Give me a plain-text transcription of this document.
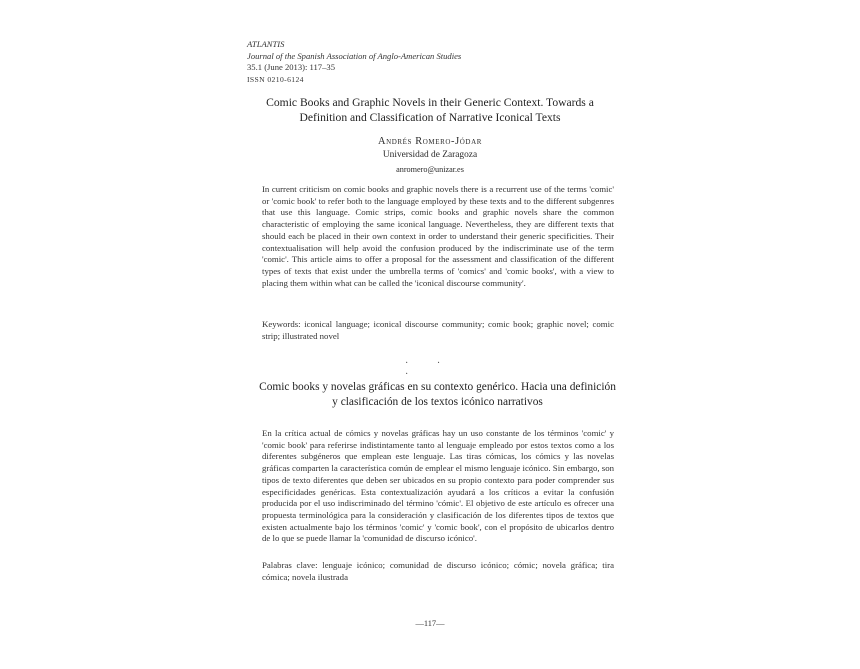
ATLANTIS
Journal of the Spanish Association of Anglo-American Studies
35.1 (June 2013): 117–35
ISSN 0210-6124
Comic Books and Graphic Novels in their Generic Context. Towards a
Definition and Classification of Narrative Iconical Texts
Andrés Romero-Jódar
Universidad de Zaragoza
anromero@unizar.es

In current criticism on comic books and graphic novels there is a recurrent use of the terms 'comic' or 'comic book' to refer both to the language employed by these texts and to the different subgenres that use this language. Comic strips, comic books and graphic novels share the common characteristic of employing the same iconical language. Nevertheless, they are different texts that should each be placed in their own context in order to understand their generic specificities. Their contextualisation will help avoid the confusion produced by the indiscriminate use of the term 'comic'. This article aims to offer a proposal for the assessment and classification of the different types of texts that exist under the umbrella terms of 'comics' and 'comic books', with a view to placing them within what can be called the 'iconical discourse community'.

Keywords: iconical language; iconical discourse community; comic book; graphic novel; comic strip; illustrated novel

· · ·
Comic books y novelas gráficas en su contexto genérico. Hacia una definición
y clasificación de los textos icónico narrativos

En la crítica actual de cómics y novelas gráficas hay un uso constante de los términos 'comic' y 'comic book' para referirse indistintamente tanto al lenguaje empleado por estos textos como a los diferentes subgéneros que emplean este lenguaje. Las tiras cómicas, los cómics y las novelas gráficas comparten la característica común de emplear el mismo lenguaje icónico. Sin embargo, son tipos de texto diferentes que deben ser ubicados en su propio contexto para poder comprender sus especificidades genéricas. Esta contextualización ayudará a los críticos a evitar la confusión producida por el uso indiscriminado del término 'cómic'. El objetivo de este artículo es ofrecer una propuesta terminológica para la consideración y clasificación de los diferentes tipos de textos que existen actualmente bajo los términos 'comic' y 'comic book', con el propósito de ubicarlos dentro de lo que se puede llamar la 'comunidad de discurso icónico'.

Palabras clave: lenguaje icónico; comunidad de discurso icónico; cómic; novela gráfica; tira cómica; novela ilustrada

—117—
